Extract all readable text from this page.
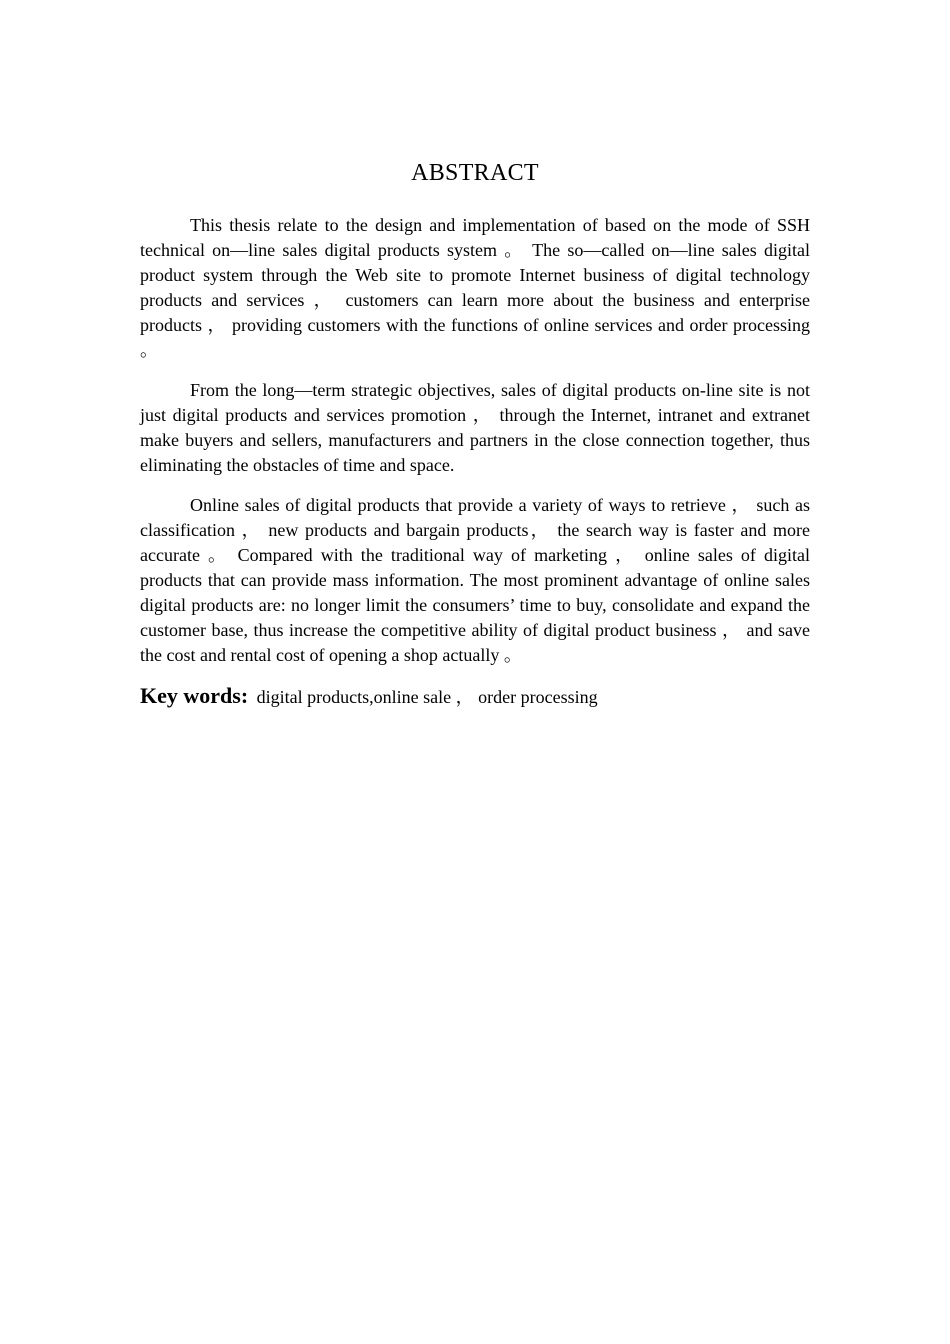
ABSTRACT

This thesis relate to the design and implementation of based on the mode of SSH technical on—line sales digital products system 。 The so—called on—line sales digital product system through the Web site to promote Internet business of digital technology products and services ， customers can learn more about the business and enterprise products ， providing customers with the functions of online services and order processing 。

From the long—term strategic objectives, sales of digital products on-line site is not just digital products and services promotion ， through the Internet, intranet and extranet make buyers and sellers, manufacturers and partners in the close connection together, thus eliminating the obstacles of time and space.

Online sales of digital products that provide a variety of ways to retrieve ， such as classification ， new products and bargain products， the search way is faster and more accurate 。 Compared with the traditional way of marketing ， online sales of digital products that can provide mass information. The most prominent advantage of online sales digital products are: no longer limit the consumers’ time to buy, consolidate and expand the customer base, thus increase the competitive ability of digital product business ， and save the cost and rental cost of opening a shop actually 。

Key words: digital products,online sale ， order processing
